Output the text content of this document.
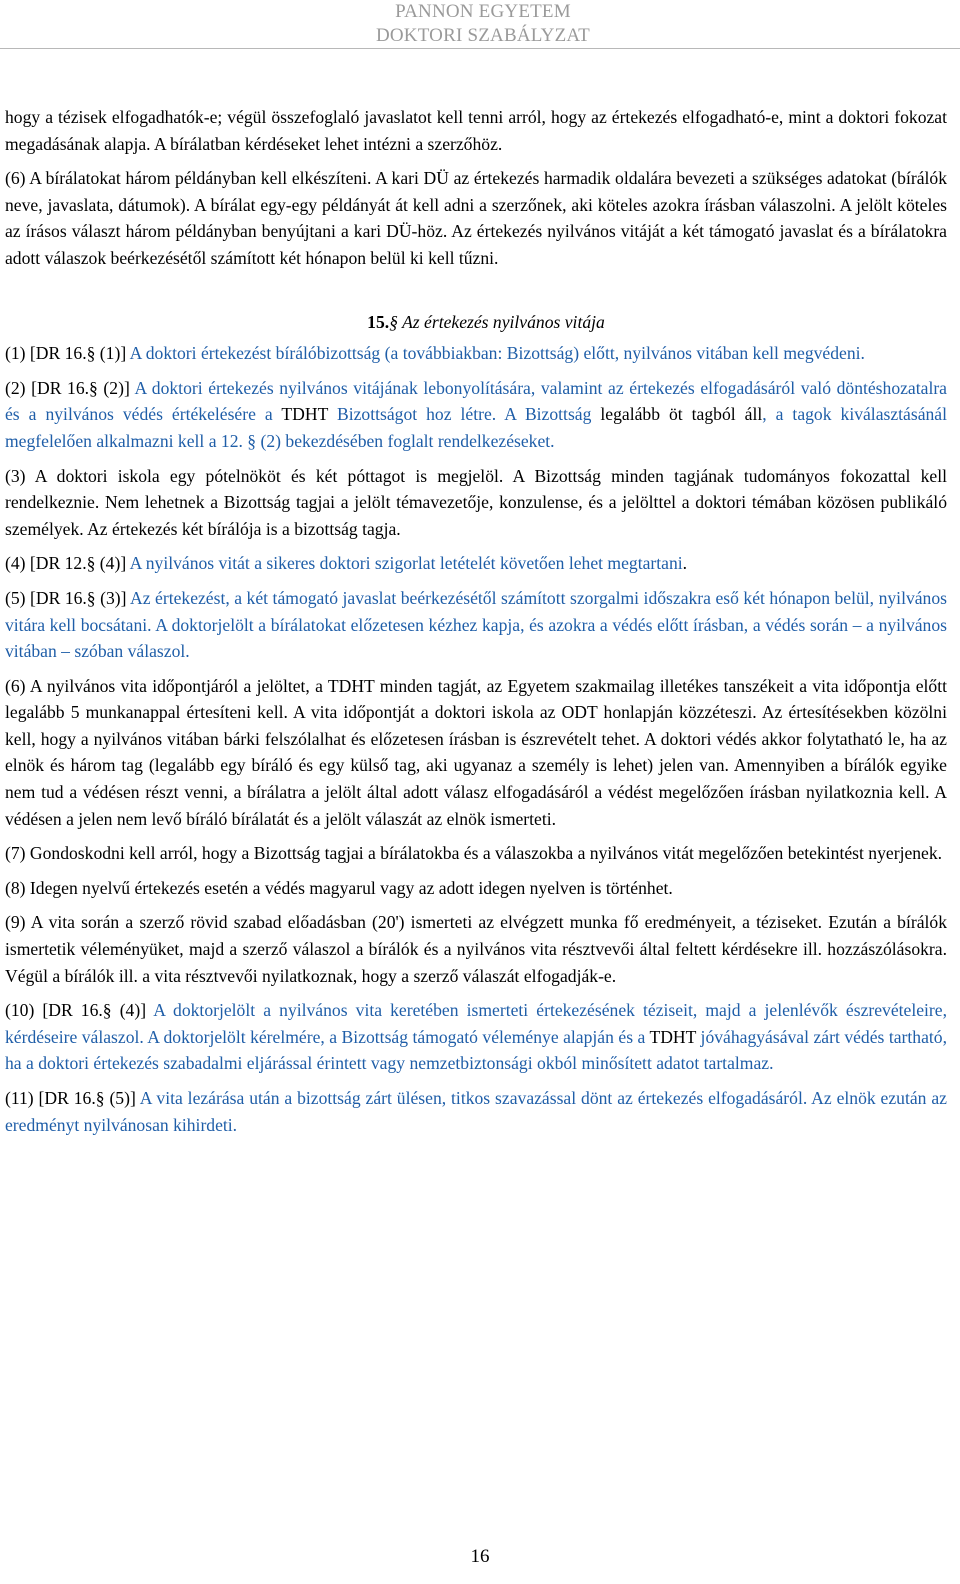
PANNON EGYETEM
DOKTORI SZABÁLYZAT

hogy a tézisek elfogadhatók-e; végül összefoglaló javaslatot kell tenni arról, hogy az értekezés elfogadható-e, mint a doktori fokozat megadásának alapja. A bírálatban kérdéseket lehet intézni a szerzőhöz.

(6) A bírálatokat három példányban kell elkészíteni. A kari DÜ az értekezés harmadik oldalára bevezeti a szükséges adatokat (bírálók neve, javaslata, dátumok). A bírálat egy-egy példányát át kell adni a szerzőnek, aki köteles azokra írásban válaszolni. A jelölt köteles az írásos választ három példányban benyújtani a kari DÜ-höz. Az értekezés nyilvános vitáját a két támogató javaslat és a bírálatokra adott válaszok beérkezésétől számított két hónapon belül ki kell tűzni.

15.§ Az értekezés nyilvános vitája

(1) [DR 16.§ (1)] A doktori értekezést bírálóbizottság (a továbbiakban: Bizottság) előtt, nyilvános vitában kell megvédeni.

(2) [DR 16.§ (2)] A doktori értekezés nyilvános vitájának lebonyolítására, valamint az értekezés elfogadásáról való döntéshozatalra és a nyilvános védés értékelésére a TDHT Bizottságot hoz létre. A Bizottság legalább öt tagból áll, a tagok kiválasztásánál megfelelően alkalmazni kell a 12. § (2) bekezdésében foglalt rendelkezéseket.

(3) A doktori iskola egy pótelnököt és két póttagot is megjelöl. A Bizottság minden tagjának tudományos fokozattal kell rendelkeznie. Nem lehetnek a Bizottság tagjai a jelölt témavezetője, konzulense, és a jelölttel a doktori témában közösen publikáló személyek. Az értekezés két bírálója is a bizottság tagja.

(4) [DR 12.§ (4)] A nyilvános vitát a sikeres doktori szigorlat letételét követően lehet megtartani.

(5) [DR 16.§ (3)] Az értekezést, a két támogató javaslat beérkezésétől számított szorgalmi időszakra eső két hónapon belül, nyilvános vitára kell bocsátani. A doktorjelölt a bírálatokat előzetesen kézhez kapja, és azokra a védés előtt írásban, a védés során – a nyilvános vitában – szóban válaszol.

(6) A nyilvános vita időpontjáról a jelöltet, a TDHT minden tagját, az Egyetem szakmailag illetékes tanszékeit a vita időpontja előtt legalább 5 munkanappal értesíteni kell. A vita időpontját a doktori iskola az ODT honlapján közzéteszi. Az értesítésekben közölni kell, hogy a nyilvános vitában bárki felszólalhat és előzetesen írásban is észrevételt tehet. A doktori védés akkor folytatható le, ha az elnök és három tag (legalább egy bíráló és egy külső tag, aki ugyanaz a személy is lehet) jelen van. Amennyiben a bírálók egyike nem tud a védésen részt venni, a bírálatra a jelölt által adott válasz elfogadásáról a védést megelőzően írásban nyilatkoznia kell. A védésen a jelen nem levő bíráló bírálatát és a jelölt válaszát az elnök ismerteti.

(7) Gondoskodni kell arról, hogy a Bizottság tagjai a bírálatokba és a válaszokba a nyilvános vitát megelőzően betekintést nyerjenek.

(8) Idegen nyelvű értekezés esetén a védés magyarul vagy az adott idegen nyelven is történhet.

(9) A vita során a szerző rövid szabad előadásban (20') ismerteti az elvégzett munka fő eredményeit, a téziseket. Ezután a bírálók ismertetik véleményüket, majd a szerző válaszol a bírálók és a nyilvános vita résztvevői által feltett kérdésekre ill. hozzászólásokra. Végül a bírálók ill. a vita résztvevői nyilatkoznak, hogy a szerző válaszát elfogadják-e.

(10) [DR 16.§ (4)] A doktorjelölt a nyilvános vita keretében ismerteti értekezésének téziseit, majd a jelenlévők észrevételeire, kérdéseire válaszol. A doktorjelölt kérelmére, a Bizottság támogató véleménye alapján és a TDHT jóváhagyásával zárt védés tartható, ha a doktori értekezés szabadalmi eljárással érintett vagy nemzetbiztonsági okból minősített adatot tartalmaz.

(11) [DR 16.§ (5)] A vita lezárása után a bizottság zárt ülésen, titkos szavazással dönt az értekezés elfogadásáról. Az elnök ezután az eredményt nyilvánosan kihirdeti.

16
